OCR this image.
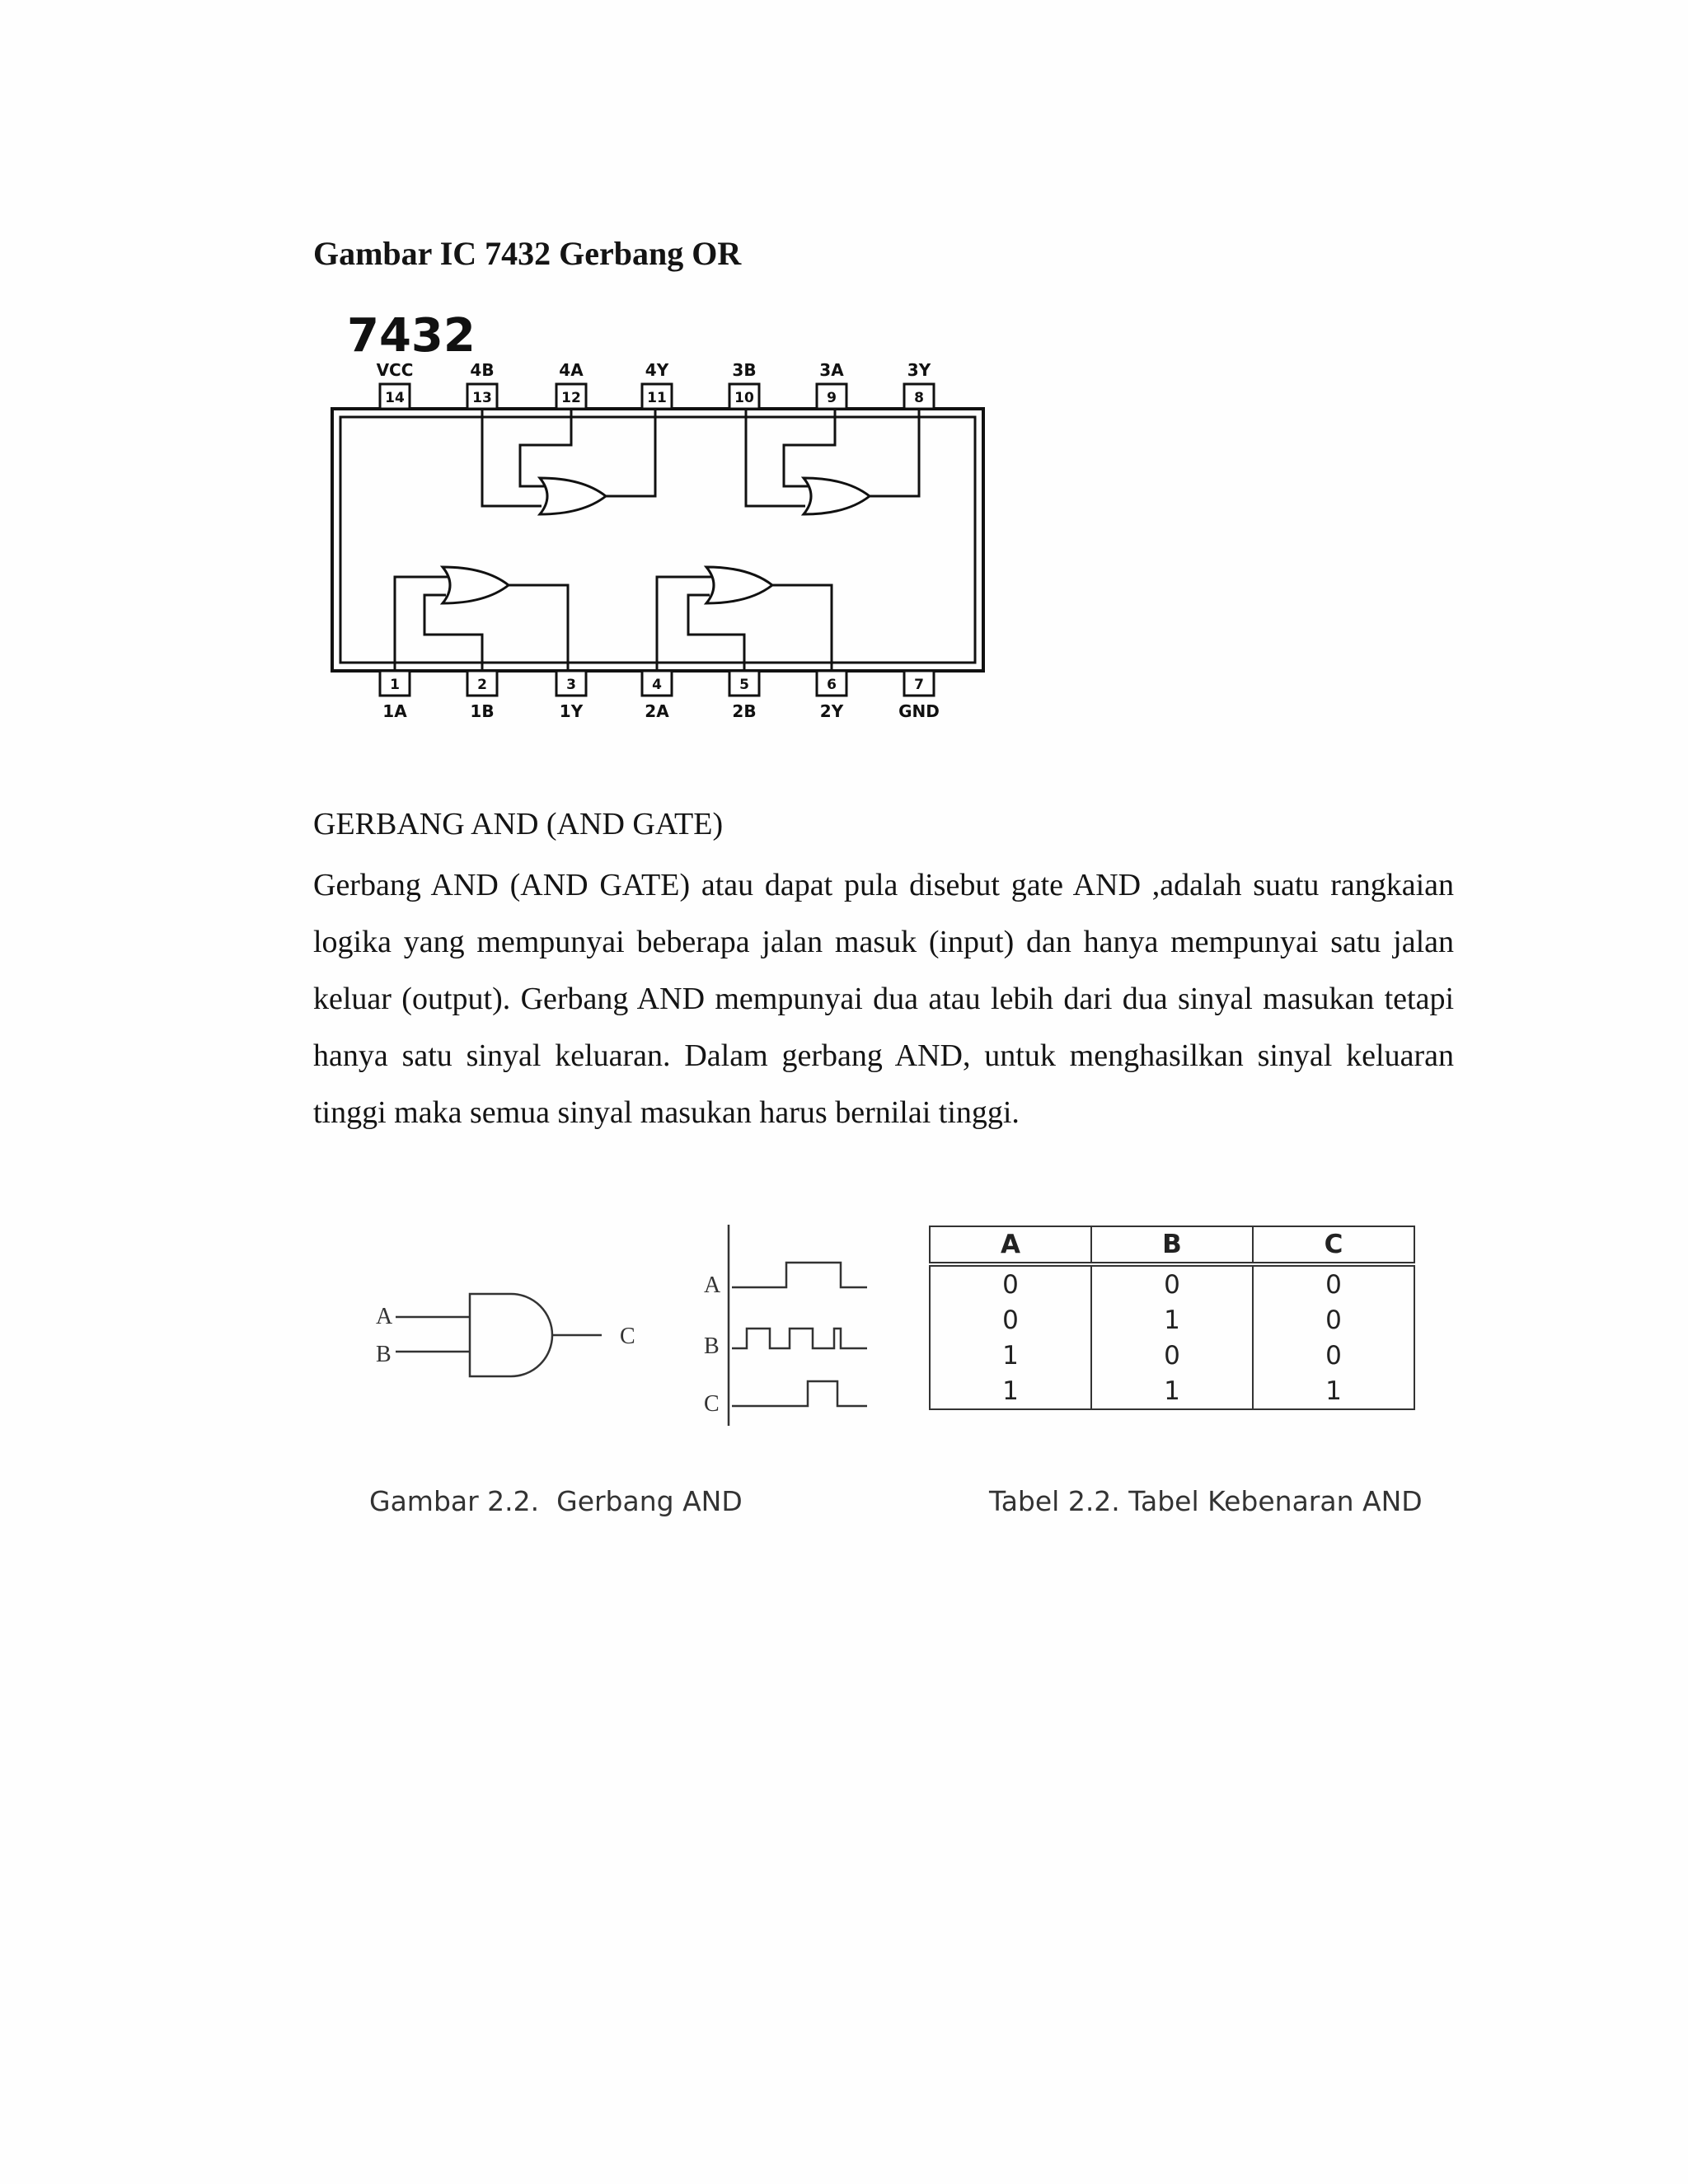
Gambar IC 7432 Gerbang OR
7432
14
VCC
13
4B
12
4A
11
4Y
10
3B
9
3A
8
3Y
1
1A
2
1B
3
1Y
4
2A
5
2B
6
2Y
7
GND
GERBANG AND (AND GATE)

Gerbang AND (AND GATE) atau dapat pula disebut gate AND ,adalah suatu rangkaian logika yang mempunyai beberapa jalan masuk (input) dan hanya mempunyai satu jalan keluar (output). Gerbang AND mempunyai dua atau lebih dari dua sinyal masukan tetapi hanya satu sinyal keluaran. Dalam gerbang AND, untuk menghasilkan sinyal keluaran tinggi maka semua sinyal masukan harus bernilai tinggi.

A
B
C
A
B
C
A	B	C
0	0	0
0	1	0
1	0	0
1	1	1
Gambar 2.2.  Gerbang AND	Tabel 2.2. Tabel Kebenaran AND
